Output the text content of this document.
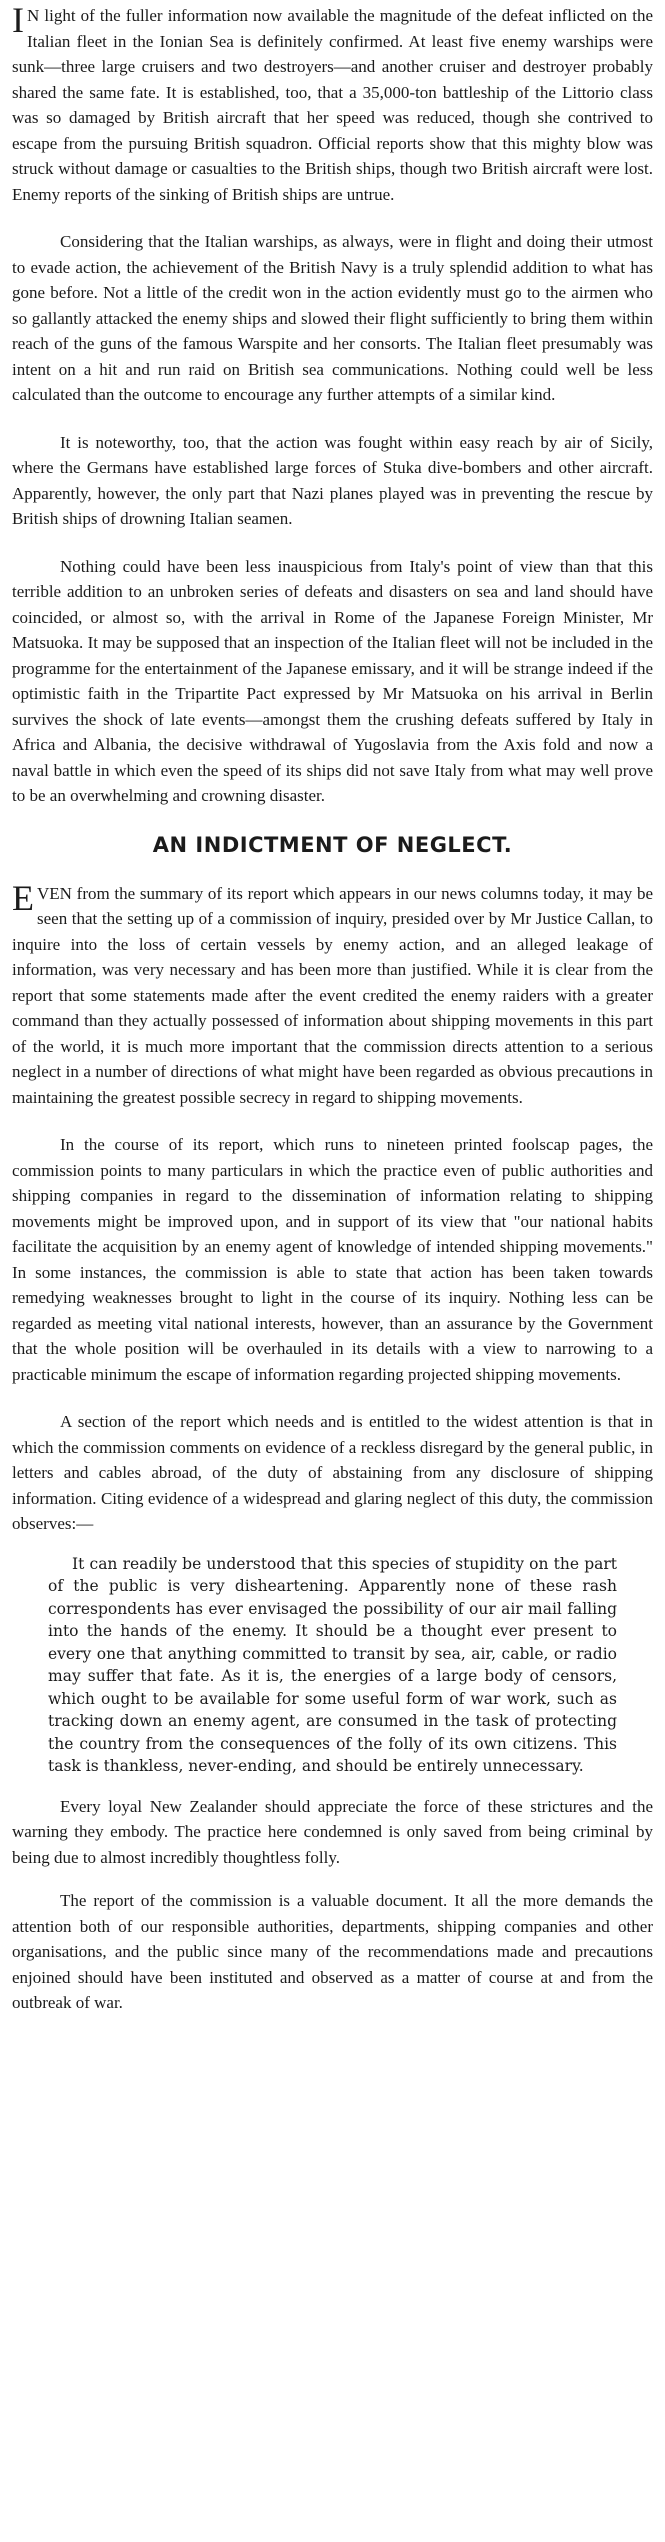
I N light of the fuller information now available the magnitude of the defeat inflicted on the Italian fleet in the Ionian Sea is definitely confirmed. At least five enemy warships were sunk—three large cruisers and two destroyers—and another cruiser and destroyer probably shared the same fate. It is established, too, that a 35,000-ton battleship of the Littorio class was so damaged by British aircraft that her speed was reduced, though she contrived to escape from the pursuing British squadron. Official reports show that this mighty blow was struck without damage or casualties to the British ships, though two British aircraft were lost. Enemy reports of the sinking of British ships are untrue.

Considering that the Italian warships, as always, were in flight and doing their utmost to evade action, the achievement of the British Navy is a truly splendid addition to what has gone before. Not a little of the credit won in the action evidently must go to the airmen who so gallantly attacked the enemy ships and slowed their flight sufficiently to bring them within reach of the guns of the famous Warspite and her consorts. The Italian fleet presumably was intent on a hit and run raid on British sea communications. Nothing could well be less calculated than the outcome to encourage any further attempts of a similar kind.

It is noteworthy, too, that the action was fought within easy reach by air of Sicily, where the Germans have established large forces of Stuka dive-bombers and other aircraft. Apparently, however, the only part that Nazi planes played was in preventing the rescue by British ships of drowning Italian seamen.

Nothing could have been less inauspicious from Italy's point of view than that this terrible addition to an unbroken series of defeats and disasters on sea and land should have coincided, or almost so, with the arrival in Rome of the Japanese Foreign Minister, Mr Matsuoka. It may be supposed that an inspection of the Italian fleet will not be included in the programme for the entertainment of the Japanese emissary, and it will be strange indeed if the optimistic faith in the Tripartite Pact expressed by Mr Matsuoka on his arrival in Berlin survives the shock of late events—amongst them the crushing defeats suffered by Italy in Africa and Albania, the decisive withdrawal of Yugoslavia from the Axis fold and now a naval battle in which even the speed of its ships did not save Italy from what may well prove to be an overwhelming and crowning disaster.

AN INDICTMENT OF NEGLECT.

EVEN from the summary of its report which appears in our news columns today, it may be seen that the setting up of a commission of inquiry, presided over by Mr Justice Callan, to inquire into the loss of certain vessels by enemy action, and an alleged leakage of information, was very necessary and has been more than justified. While it is clear from the report that some statements made after the event credited the enemy raiders with a greater command than they actually possessed of information about shipping movements in this part of the world, it is much more important that the commission directs attention to a serious neglect in a number of directions of what might have been regarded as obvious precautions in maintaining the greatest possible secrecy in regard to shipping movements.

In the course of its report, which runs to nineteen printed foolscap pages, the commission points to many particulars in which the practice even of public authorities and shipping companies in regard to the dissemination of information relating to shipping movements might be improved upon, and in support of its view that "our national habits facilitate the acquisition by an enemy agent of knowledge of intended shipping movements." In some instances, the commission is able to state that action has been taken towards remedying weaknesses brought to light in the course of its inquiry. Nothing less can be regarded as meeting vital national interests, however, than an assurance by the Government that the whole position will be overhauled in its details with a view to narrowing to a practicable minimum the escape of information regarding projected shipping movements.

A section of the report which needs and is entitled to the widest attention is that in which the commission comments on evidence of a reckless disregard by the general public, in letters and cables abroad, of the duty of abstaining from any disclosure of shipping information. Citing evidence of a widespread and glaring neglect of this duty, the commission observes:—

It can readily be understood that this species of stupidity on the part of the public is very disheartening. Apparently none of these rash correspondents has ever envisaged the possibility of our air mail falling into the hands of the enemy. It should be a thought ever present to every one that anything committed to transit by sea, air, cable, or radio may suffer that fate. As it is, the energies of a large body of censors, which ought to be available for some useful form of war work, such as tracking down an enemy agent, are consumed in the task of protecting the country from the consequences of the folly of its own citizens. This task is thankless, never-ending, and should be entirely unnecessary.

Every loyal New Zealander should appreciate the force of these strictures and the warning they embody. The practice here condemned is only saved from being criminal by being due to almost incredibly thoughtless folly.

The report of the commission is a valuable document. It all the more demands the attention both of our responsible authorities, departments, shipping companies and other organisations, and the public since many of the recommendations made and precautions enjoined should have been instituted and observed as a matter of course at and from the outbreak of war.
